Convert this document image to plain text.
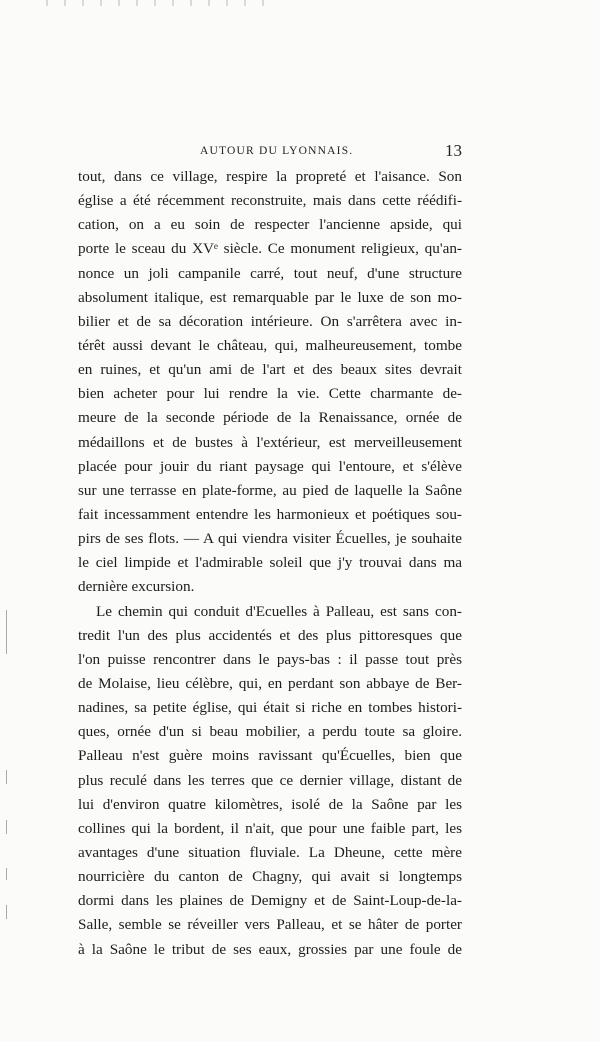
AUTOUR DU LYONNAIS.	13
tout, dans ce village, respire la propreté et l'aisance. Son
église a été récemment reconstruite, mais dans cette réédifi-
cation, on a eu soin de respecter l'ancienne apside, qui
porte le sceau du XVᵉ siècle. Ce monument religieux, qu'an-
nonce un joli campanile carré, tout neuf, d'une structure
absolument italique, est remarquable par le luxe de son mo-
bilier et de sa décoration intérieure. On s'arrêtera avec in-
térêt aussi devant le château, qui, malheureusement, tombe
en ruines, et qu'un ami de l'art et des beaux sites devrait
bien acheter pour lui rendre la vie. Cette charmante de-
meure de la seconde période de la Renaissance, ornée de
médaillons et de bustes à l'extérieur, est merveilleusement
placée pour jouir du riant paysage qui l'entoure, et s'élève
sur une terrasse en plate-forme, au pied de laquelle la Saône
fait incessamment entendre les harmonieux et poétiques sou-
pirs de ses flots. — A qui viendra visiter Écuelles, je souhaite
le ciel limpide et l'admirable soleil que j'y trouvai dans ma
dernière excursion.
Le chemin qui conduit d'Ecuelles à Palleau, est sans con-
tredit l'un des plus accidentés et des plus pittoresques que
l'on puisse rencontrer dans le pays-bas : il passe tout près
de Molaise, lieu célèbre, qui, en perdant son abbaye de Ber-
nadines, sa petite église, qui était si riche en tombes histori-
ques, ornée d'un si beau mobilier, a perdu toute sa gloire.
Palleau n'est guère moins ravissant qu'Écuelles, bien que
plus reculé dans les terres que ce dernier village, distant de
lui d'environ quatre kilomètres, isolé de la Saône par les
collines qui la bordent, il n'ait, que pour une faible part, les
avantages d'une situation fluviale. La Dheune, cette mère
nourricière du canton de Chagny, qui avait si longtemps
dormi dans les plaines de Demigny et de Saint-Loup-de-la-
Salle, semble se réveiller vers Palleau, et se hâter de porter
à la Saône le tribut de ses eaux, grossies par une foule de
